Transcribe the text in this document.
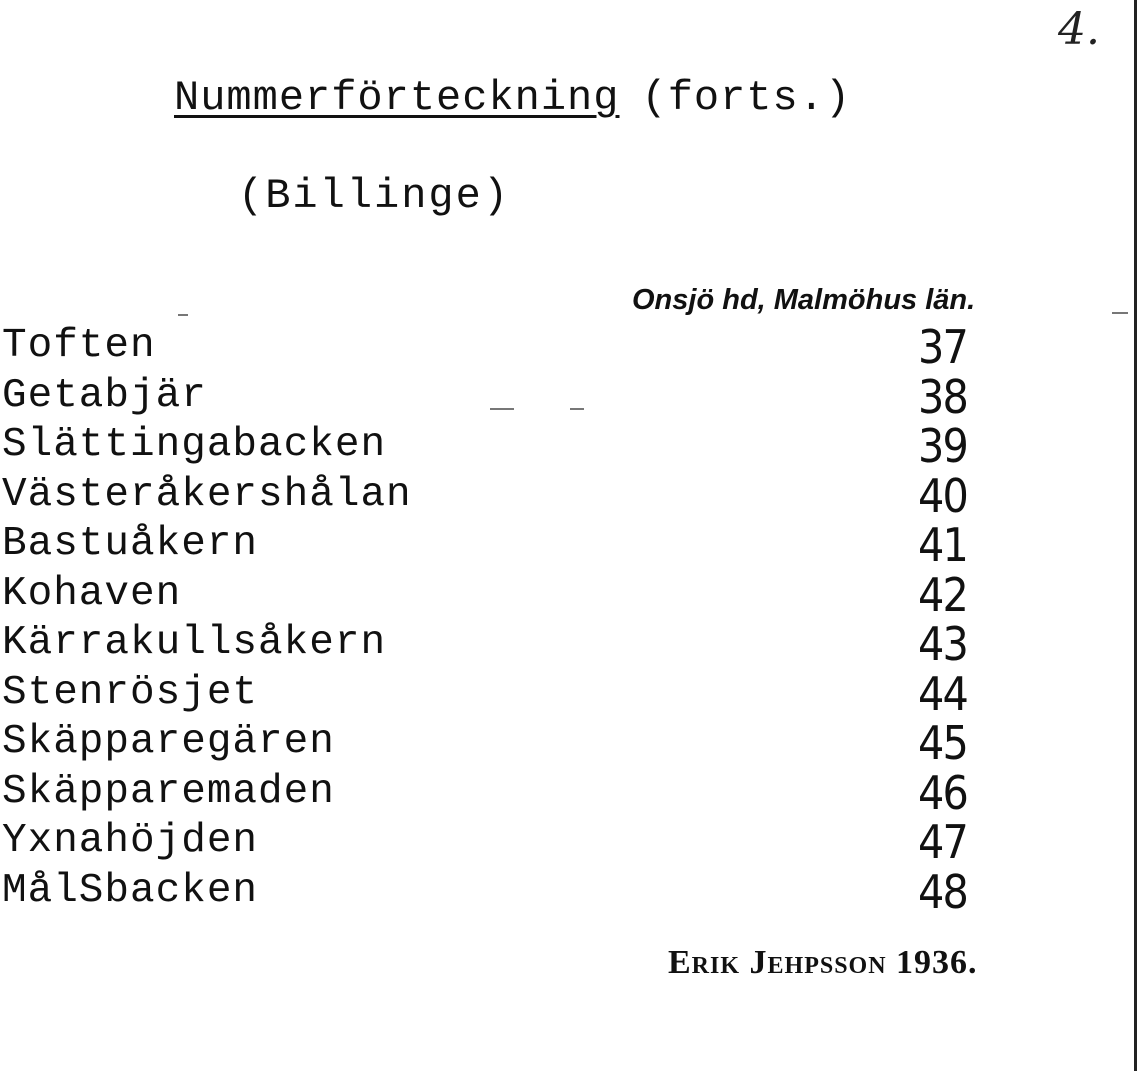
4.
Nummerförteckning (forts.)
(Billinge)
Onsjö hd, Malmöhus län.
Toften	37
Getabjär	38
Slättingabacken	39
Västeråkershålan	40
Bastuåkern	41
Kohaven	42
Kärrakullsåkern	43
Stenrösjet	44
Skäpparegären	45
Skäpparemaden	46
Yxnahöjden	47
MålSbacken	48
Erik Jehpsson 1936.
